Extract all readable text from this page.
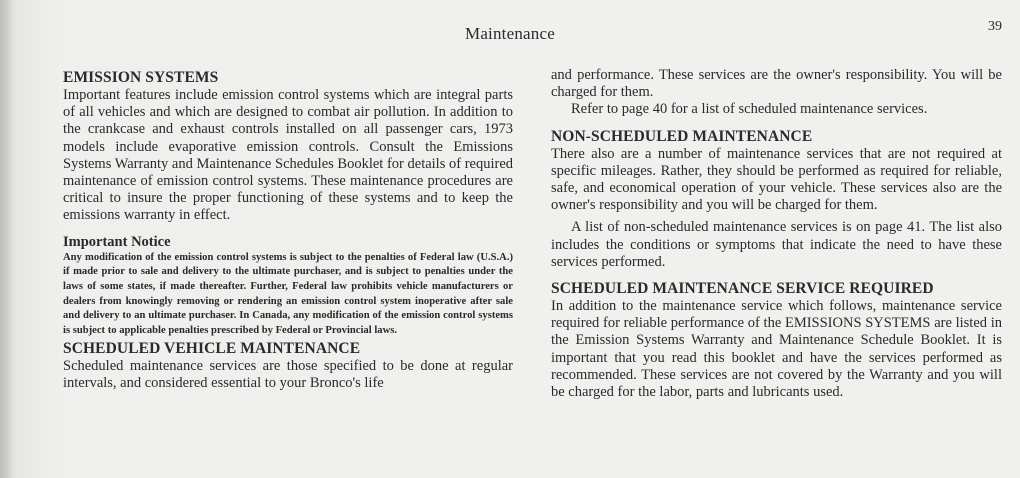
Maintenance	39
EMISSION SYSTEMS

Important features include emission control systems which are integral parts of all vehicles and which are designed to combat air pollution. In addition to the crankcase and exhaust controls installed on all passenger cars, 1973 models include evaporative emission controls. Consult the Emissions Systems Warranty and Maintenance Schedules Booklet for details of required maintenance of emission control systems. These maintenance procedures are critical to insure the proper functioning of these systems and to keep the emissions warranty in effect.

Important Notice

Any modification of the emission control systems is subject to the penalties of Federal law (U.S.A.) if made prior to sale and delivery to the ultimate purchaser, and is subject to penalties under the laws of some states, if made thereafter. Further, Federal law prohibits vehicle manufacturers or dealers from knowingly removing or rendering an emission control system inoperative after sale and delivery to an ultimate purchaser. In Canada, any modification of the emission control systems is subject to applicable penalties prescribed by Federal or Provincial laws.

SCHEDULED VEHICLE MAINTENANCE

Scheduled maintenance services are those specified to be done at regular intervals, and considered essential to your Bronco's life

and performance. These services are the owner's responsibility. You will be charged for them.

Refer to page 40 for a list of scheduled maintenance services.

NON-SCHEDULED MAINTENANCE

There also are a number of maintenance services that are not required at specific mileages. Rather, they should be performed as required for reliable, safe, and economical operation of your vehicle. These services also are the owner's responsibility and you will be charged for them.

A list of non-scheduled maintenance services is on page 41. The list also includes the conditions or symptoms that indicate the need to have these services performed.

SCHEDULED MAINTENANCE SERVICE REQUIRED

In addition to the maintenance service which follows, maintenance service required for reliable performance of the EMISSIONS SYSTEMS are listed in the Emission Systems Warranty and Maintenance Schedule Booklet. It is important that you read this booklet and have the services performed as recommended. These services are not covered by the Warranty and you will be charged for the labor, parts and lubricants used.
